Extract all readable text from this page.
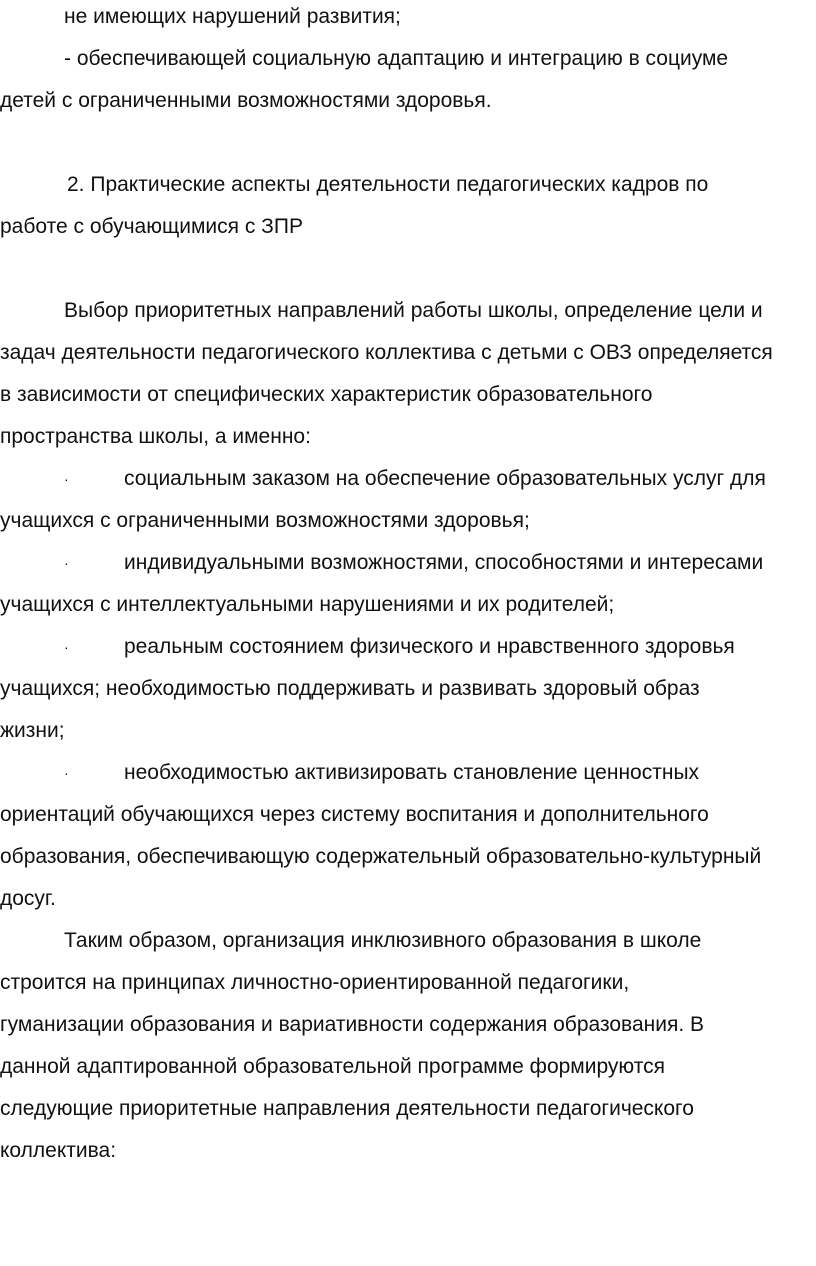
не имеющих нарушений развития;
- обеспечивающей социальную адаптацию и интеграцию в социуме
детей с ограниченными возможностями здоровья.
2. Практические аспекты деятельности педагогических кадров по
работе с обучающимися с ЗПР
Выбор приоритетных направлений работы школы, определение цели и
задач деятельности педагогического коллектива с детьми с ОВЗ определяется
в зависимости от специфических характеристик образовательного
пространства школы, а именно:
·	социальным заказом на обеспечение образовательных услуг для
учащихся с ограниченными возможностями здоровья;
·	индивидуальными возможностями, способностями и интересами
учащихся с интеллектуальными нарушениями и их родителей;
·	реальным состоянием физического и нравственного здоровья
учащихся; необходимостью поддерживать и развивать здоровый образ
жизни;
·	необходимостью активизировать становление ценностных
ориентаций обучающихся через систему воспитания и дополнительного
образования, обеспечивающую содержательный образовательно-культурный
досуг.
Таким образом, организация инклюзивного образования в школе
строится на принципах личностно-ориентированной педагогики,
гуманизации образования и вариативности содержания образования. В
данной адаптированной образовательной программе формируются
следующие приоритетные направления деятельности педагогического
коллектива:
